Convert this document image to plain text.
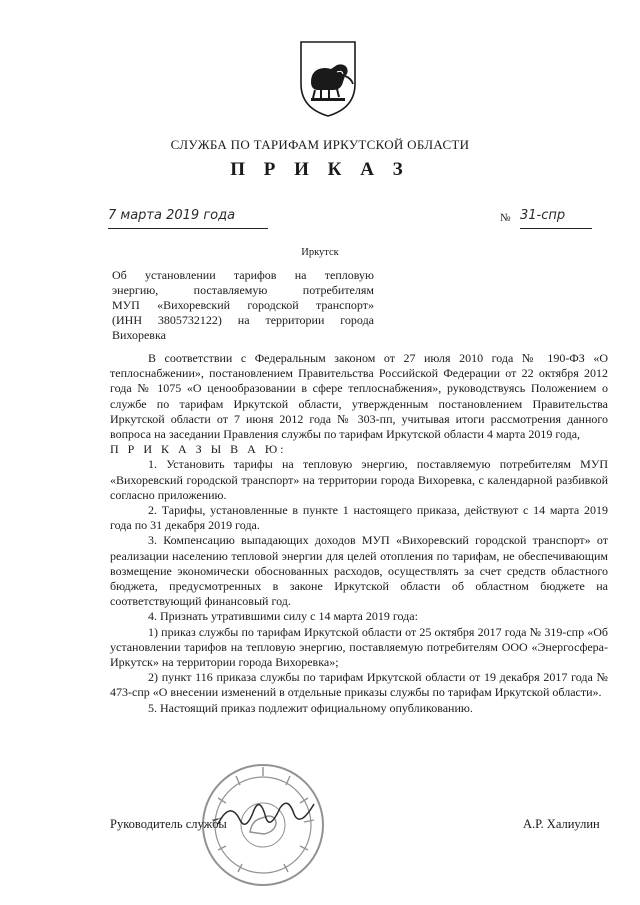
СЛУЖБА ПО ТАРИФАМ ИРКУТСКОЙ ОБЛАСТИ
П Р И К А З
7 марта 2019 года	№ 31-спр
Иркутск
Об установлении тарифов на тепловую
энергию, поставляемую потребителям
МУП «Вихоревский городской транспорт»
(ИНН 3805732122) на территории города
Вихоревка

В соответствии с Федеральным законом от 27 июля 2010 года № 190-ФЗ «О теплоснабжении», постановлением Правительства Российской Федерации от 22 октября 2012 года № 1075 «О ценообразовании в сфере теплоснабжения», руководствуясь Положением о службе по тарифам Иркутской области, утвержденным постановлением Правительства Иркутской области от 7 июня 2012 года № 303-пп, учитывая итоги рассмотрения данного вопроса на заседании Правления службы по тарифам Иркутской области 4 марта 2019 года,

П Р И К А З Ы В А Ю:

1. Установить тарифы на тепловую энергию, поставляемую потребителям МУП «Вихоревский городской транспорт» на территории города Вихоревка, с календарной разбивкой согласно приложению.

2. Тарифы, установленные в пункте 1 настоящего приказа, действуют с 14 марта 2019 года по 31 декабря 2019 года.

3. Компенсацию выпадающих доходов МУП «Вихоревский городской транспорт» от реализации населению тепловой энергии для целей отопления по тарифам, не обеспечивающим возмещение экономически обоснованных расходов, осуществлять за счет средств областного бюджета, предусмотренных в законе Иркутской области об областном бюджете на соответствующий финансовый год.

4. Признать утратившими силу с 14 марта 2019 года:

1) приказ службы по тарифам Иркутской области от 25 октября 2017 года № 319-спр «Об установлении тарифов на тепловую энергию, поставляемую потребителям ООО «Энергосфера-Иркутск» на территории города Вихоревка»;

2) пункт 116 приказа службы по тарифам Иркутской области от 19 декабря 2017 года № 473-спр «О внесении изменений в отдельные приказы службы по тарифам Иркутской области».

5. Настоящий приказ подлежит официальному опубликованию.

Руководитель службы	А.Р. Халиулин
